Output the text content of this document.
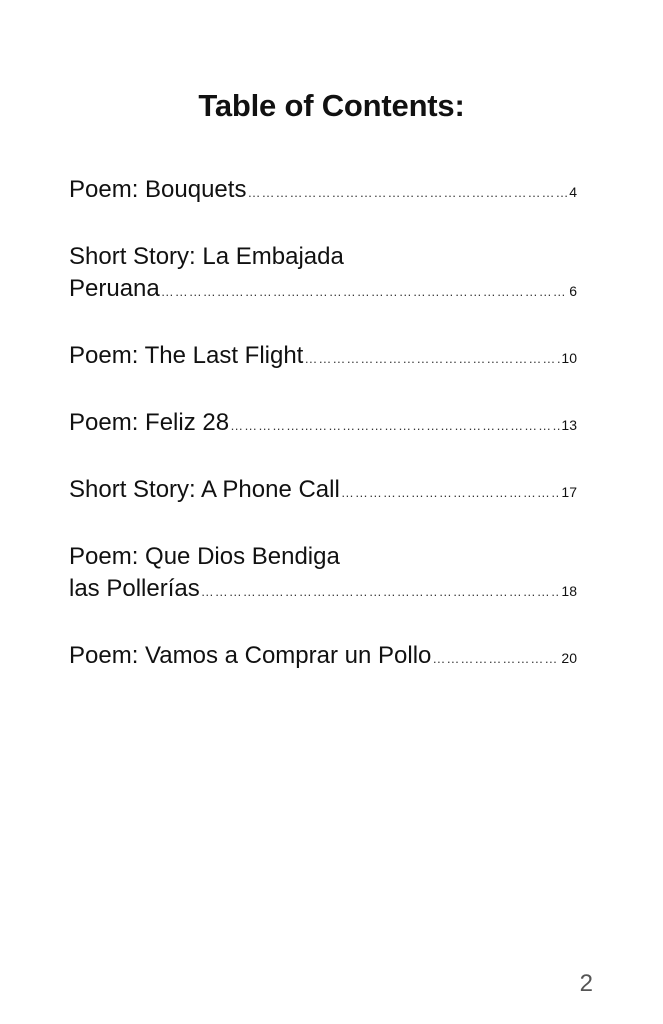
Table of Contents:
Poem: Bouquets ……………………………………………………………………………………………………………………………………	4
Short Story: La Embajada
Peruana ……………………………………………………………………………………………………………………………………	6
Poem: The Last Flight ……………………………………………………………………………………………………………………………………	10
Poem: Feliz 28 ……………………………………………………………………………………………………………………………………	13
Short Story: A Phone Call ……………………………………………………………………………………………………………………………………	17
Poem: Que Dios Bendiga
las Pollerías ……………………………………………………………………………………………………………………………………	18
Poem: Vamos a Comprar un Pollo ……………………………………………………………………………………………………………………………………	20
2
